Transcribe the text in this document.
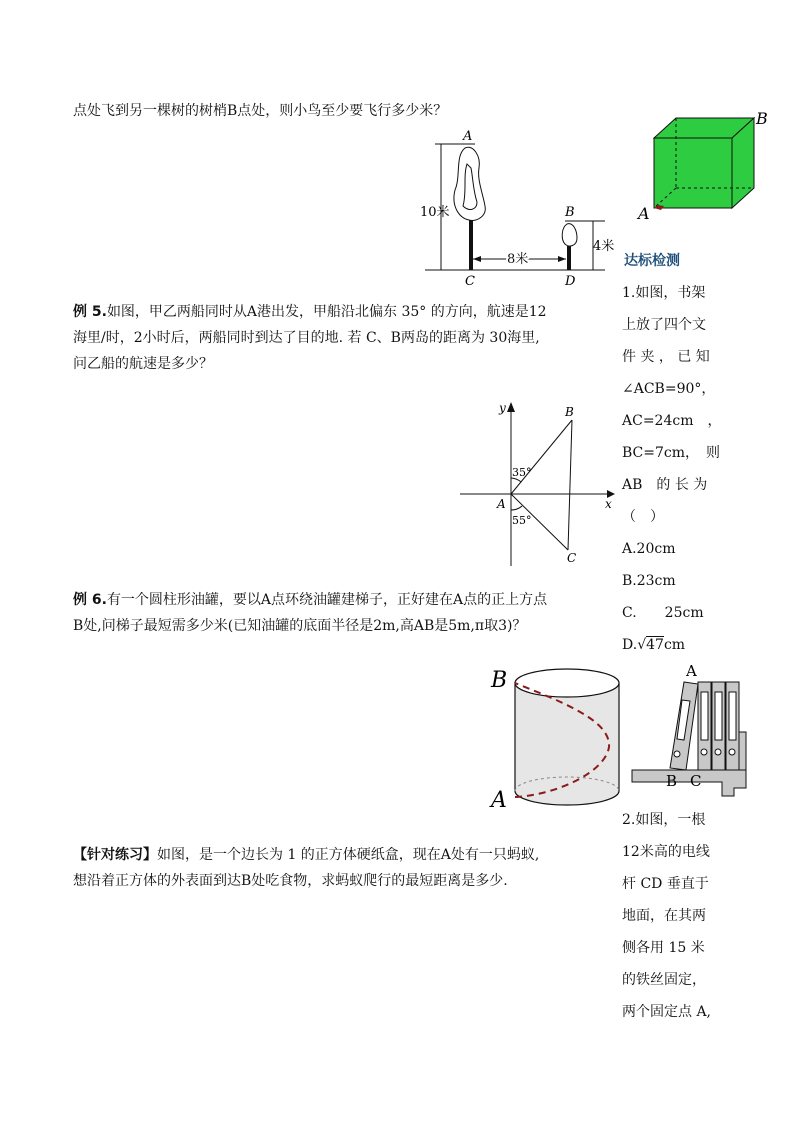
点处飞到另一棵树的树梢B点处，则小鸟至少要飞行多少米？
例 5.如图，甲乙两船同时从A港出发，甲船沿北偏东 35° 的方向，航速是12
海里/时，2小时后，两船同时到达了目的地. 若 C、B两岛的距离为 30海里,
问乙船的航速是多少？
例 6.有一个圆柱形油罐，要以A点环绕油罐建梯子，正好建在A点的正上方点
B处,问梯子最短需多少米(已知油罐的底面半径是2m,高AB是5m,π取3)？
【针对练习】如图，是一个边长为 1 的正方体硬纸盒，现在A处有一只蚂蚁,
想沿着正方体的外表面到达B处吃食物，求蚂蚁爬行的最短距离是多少.
达标检测
1.如图，书架
上放了四个文
件 夹 ， 已 知
∠ACB=90°，
AC=24cm　，
BC=7cm，　则
AB　的 长 为
（　）
A.20cm
B.23cm
C.　　25cm
D.√47cm
2.如图，一根
12米高的电线
杆 CD 垂直于
地面，在其两
侧各用 15 米
的铁丝固定，
两个固定点 A,
A
B
C	D
10米
4米
8米
y
x
A
B
C
35°
55°
B
A
B
A
A
B C
